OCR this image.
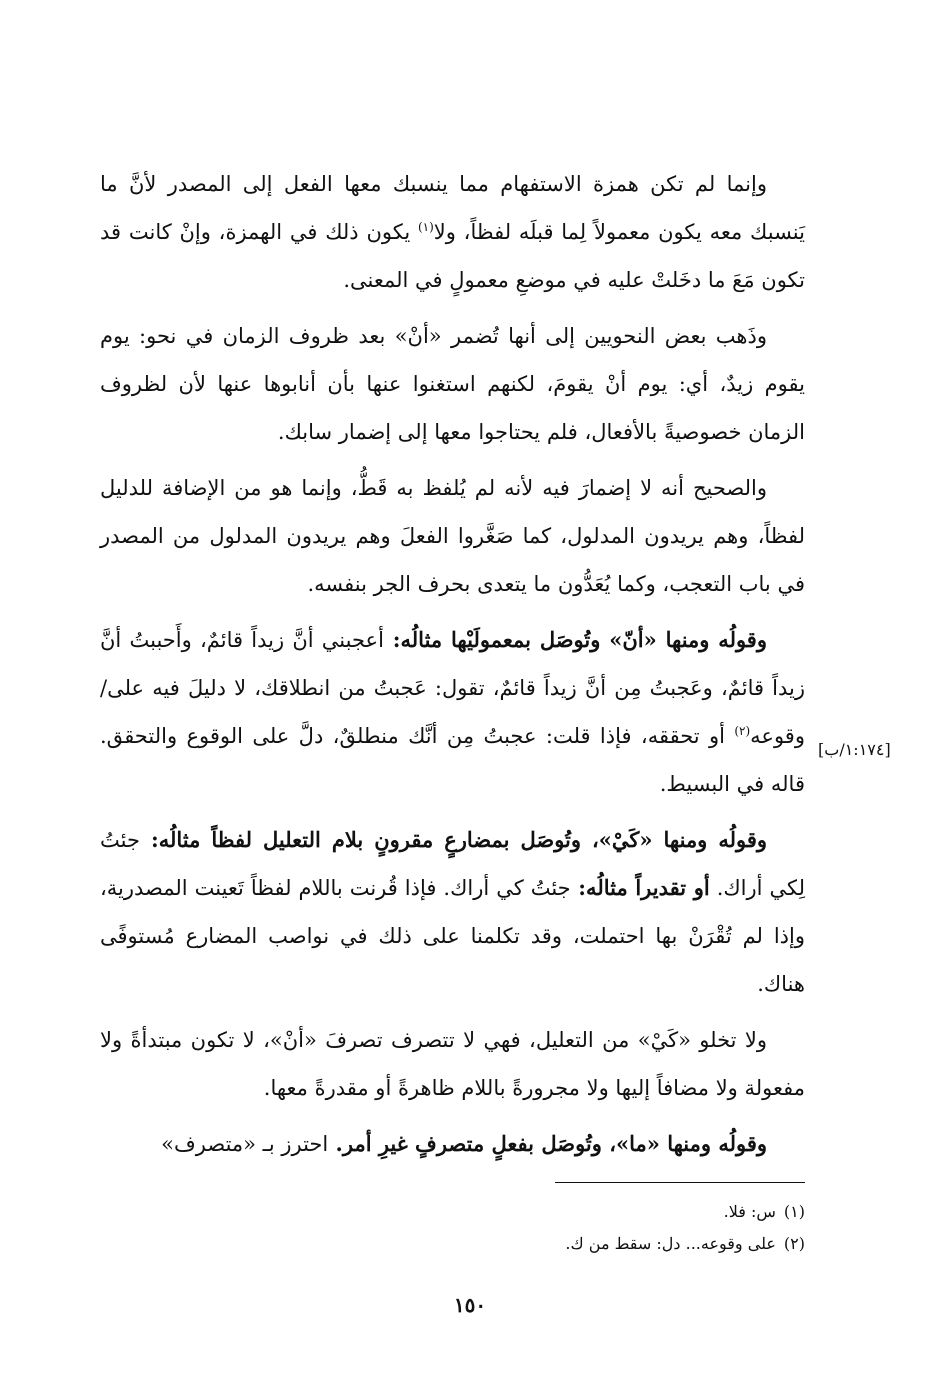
وإنما لم تكن همزة الاستفهام مما ينسبك معها الفعل إلى المصدر لأنَّ ما يَنسبك معه يكون معمولاً لِما قبلَه لفظاً، ولا$^{(١)}$ يكون ذلك في الهمزة، وإنْ كانت قد تكون مَعَ ما دخَلتْ عليه في موضعِ معمولٍ في المعنى.

وذَهب بعض النحويين إلى أنها تُضمر «أنْ» بعد ظروف الزمان في نحو: يوم يقوم زيدٌ، أي: يوم أنْ يقومَ، لكنهم استغنوا عنها بأن أنابوها عنها لأن لظروف الزمان خصوصيةً بالأفعال، فلم يحتاجوا معها إلى إضمار سابك.

والصحيح أنه لا إضمارَ فيه لأنه لم يُلفظ به قَطُّ، وإنما هو من الإضافة للدليل لفظاً، وهم يريدون المدلول، كما صَغَّروا الفعلَ وهم يريدون المدلول من المصدر في باب التعجب، وكما يُعَدُّون ما يتعدى بحرف الجر بنفسه.

وقولُه ومنها «أنّ» وتُوصَل بمعمولَيْها مثالُه: أعجبني أنَّ زيداً قائمٌ، وأَحببتُ أنَّ زيداً قائمٌ، وعَجبتُ مِن أنَّ زيداً قائمٌ، تقول: عَجبتُ من انطلاقك، لا دليلَ فيه على/ وقوعه$^{(٢)}$ أو تحققه، فإذا قلت: عجبتُ مِن أنَّك منطلقٌ، دلَّ على الوقوع والتحقق. قاله في البسيط.

وقولُه ومنها «كَيْ»، وتُوصَل بمضارعٍ مقرونٍ بلام التعليل لفظاً مثالُه: جئتُ لِكي أراك. أو تقديراً مثالُه: جئتُ كي أراك. فإذا قُرنت باللام لفظاً تَعينت المصدرية، وإذا لم تُقْرَنْ بها احتملت، وقد تكلمنا على ذلك في نواصب المضارع مُستوفًى هناك.

ولا تخلو «كَيْ» من التعليل، فهي لا تتصرف تصرفَ «أنْ»، لا تكون مبتدأةً ولا مفعولة ولا مضافاً إليها ولا مجرورةً باللام ظاهرةً أو مقدرةً معها.

وقولُه ومنها «ما»، وتُوصَل بفعلٍ متصرفٍ غيرِ أمر. احترز بـ «متصرف»

[١:١٧٤/ب]

(١)س: فلا.

(٢)على وقوعه... دل: سقط من ك.

١٥٠
